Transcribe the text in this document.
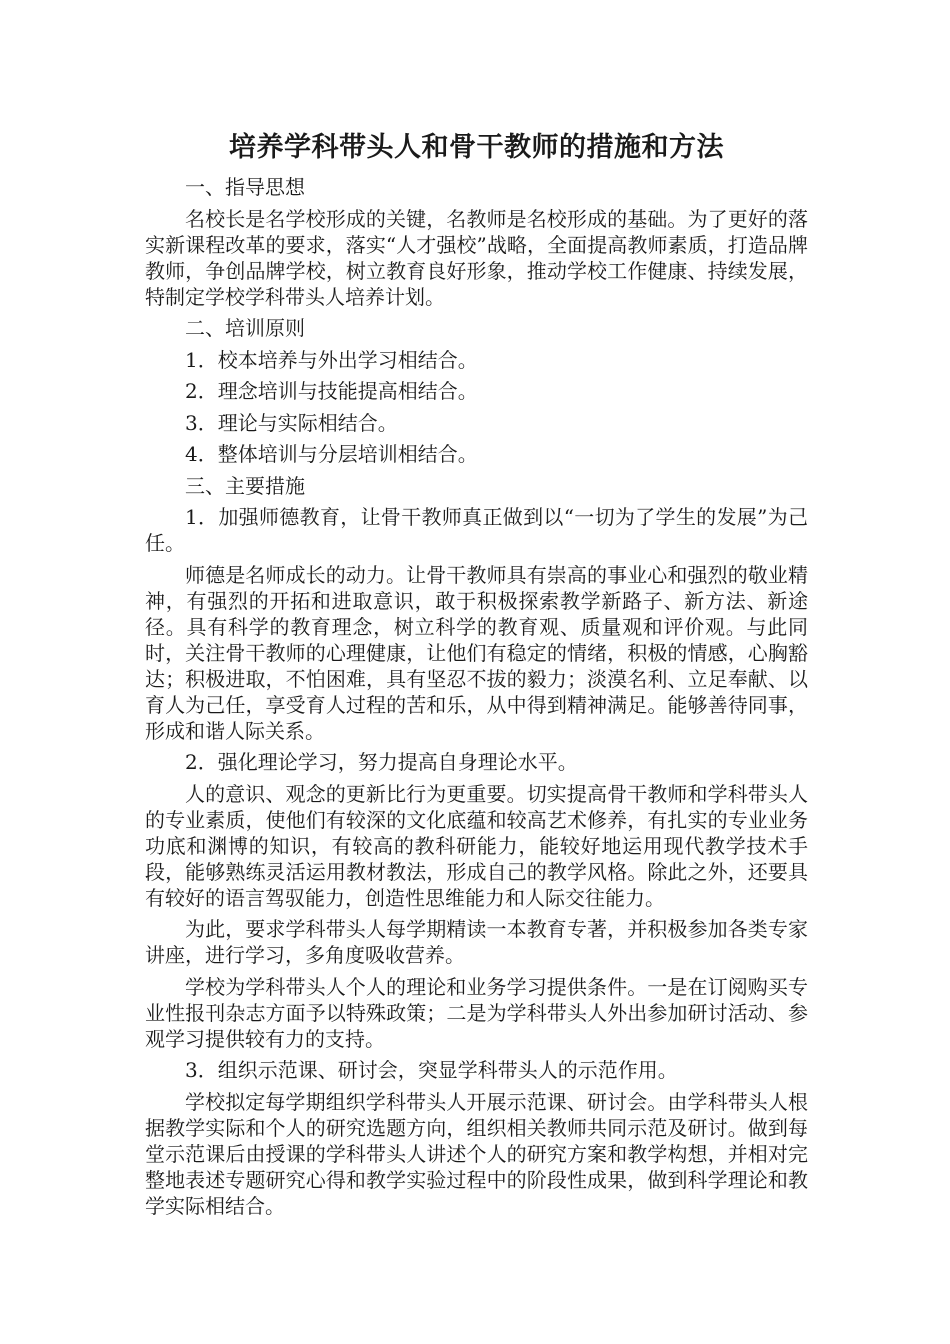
培养学科带头人和骨干教师的措施和方法

一、指导思想

名校长是名学校形成的关键，名教师是名校形成的基础。为了更好的落实新课程改革的要求，落实“人才强校”战略，全面提高教师素质，打造品牌教师，争创品牌学校，树立教育良好形象，推动学校工作健康、持续发展，特制定学校学科带头人培养计划。

二、培训原则

1．校本培养与外出学习相结合。

2．理念培训与技能提高相结合。

3．理论与实际相结合。

4．整体培训与分层培训相结合。

三、主要措施

1．加强师德教育，让骨干教师真正做到以“一切为了学生的发展”为己任。

师德是名师成长的动力。让骨干教师具有崇高的事业心和强烈的敬业精神，有强烈的开拓和进取意识，敢于积极探索教学新路子、新方法、新途径。具有科学的教育理念，树立科学的教育观、质量观和评价观。与此同时，关注骨干教师的心理健康，让他们有稳定的情绪，积极的情感，心胸豁达；积极进取，不怕困难，具有坚忍不拔的毅力；淡漠名利、立足奉献、以育人为己任，享受育人过程的苦和乐，从中得到精神满足。能够善待同事，形成和谐人际关系。

2．强化理论学习，努力提高自身理论水平。

人的意识、观念的更新比行为更重要。切实提高骨干教师和学科带头人的专业素质，使他们有较深的文化底蕴和较高艺术修养，有扎实的专业业务功底和渊博的知识，有较高的教科研能力，能较好地运用现代教学技术手段，能够熟练灵活运用教材教法，形成自己的教学风格。除此之外，还要具有较好的语言驾驭能力，创造性思维能力和人际交往能力。

为此，要求学科带头人每学期精读一本教育专著，并积极参加各类专家讲座，进行学习，多角度吸收营养。

学校为学科带头人个人的理论和业务学习提供条件。一是在订阅购买专业性报刊杂志方面予以特殊政策；二是为学科带头人外出参加研讨活动、参观学习提供较有力的支持。

3．组织示范课、研讨会，突显学科带头人的示范作用。

学校拟定每学期组织学科带头人开展示范课、研讨会。由学科带头人根据教学实际和个人的研究选题方向，组织相关教师共同示范及研讨。做到每堂示范课后由授课的学科带头人讲述个人的研究方案和教学构想，并相对完整地表述专题研究心得和教学实验过程中的阶段性成果，做到科学理论和教学实际相结合。
